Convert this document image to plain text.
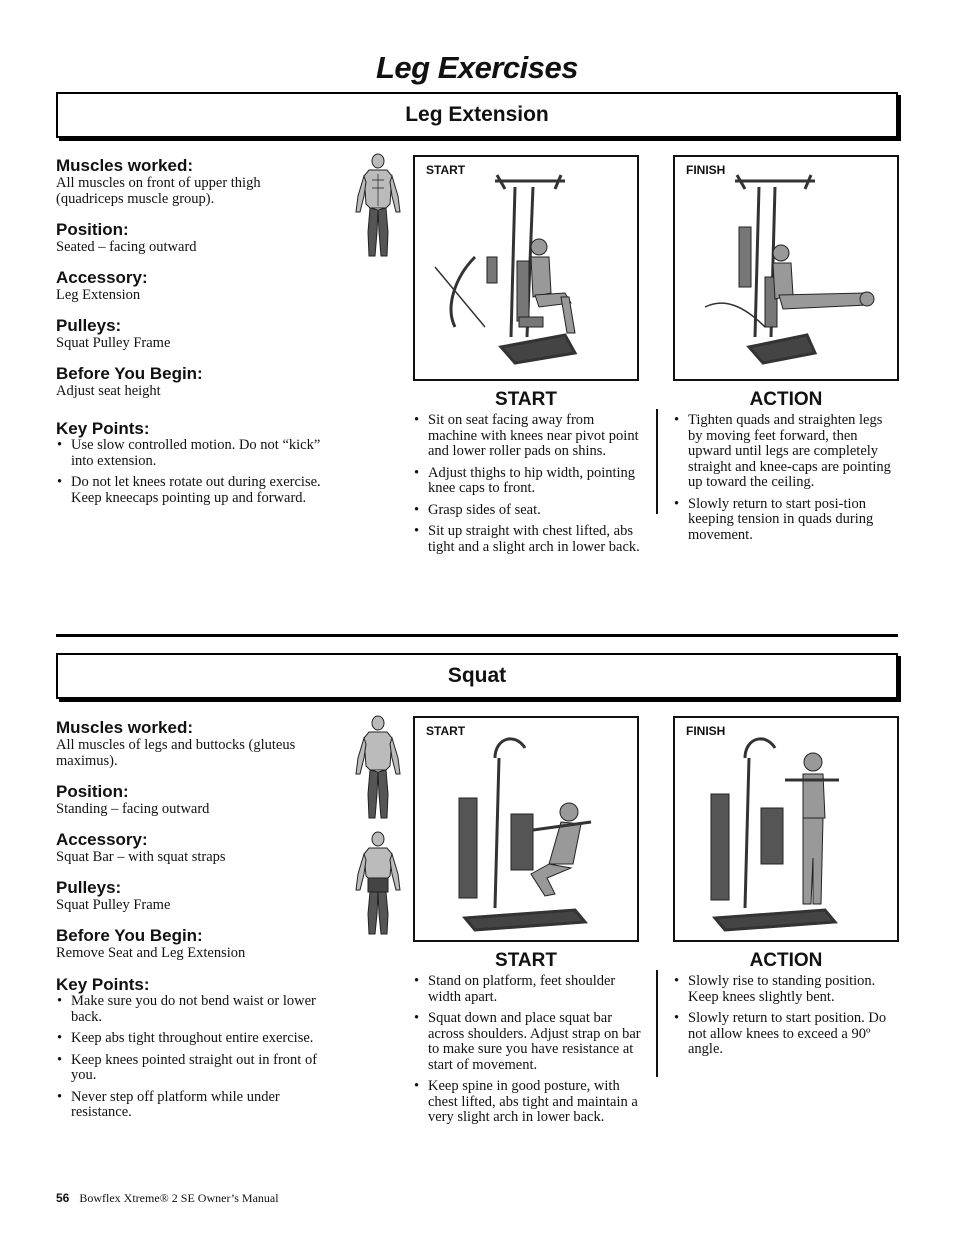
Leg Exercises
Leg Extension

Muscles worked:

All muscles on front of upper thigh (quadriceps muscle group).

Position:

Seated – facing outward

Accessory:

Leg Extension

Pulleys:

Squat Pulley Frame

Before You Begin:

Adjust seat height

Key Points:

• Use slow controlled motion. Do not “kick” into extension.
• Do not let knees rotate out during exercise. Keep kneecaps pointing up and forward.
START	FINISH
START	ACTION
• Sit on seat facing away from machine with knees near pivot point and lower roller pads on shins.
• Adjust thighs to hip width, pointing knee caps to front.
• Grasp sides of seat.
• Sit up straight with chest lifted, abs tight and a slight arch in lower back.
• Tighten quads and straighten legs by moving feet forward, then upward until legs are completely straight and knee-caps are pointing up toward the ceiling.
• Slowly return to start posi-tion keeping tension in quads during movement.
Squat

Muscles worked:

All muscles of legs and buttocks (gluteus maximus).

Position:

Standing – facing outward

Accessory:

Squat Bar – with squat straps

Pulleys:

Squat Pulley Frame

Before You Begin:

Remove Seat and Leg Extension

Key Points:

• Make sure you do not bend waist or lower back.
• Keep abs tight throughout entire exercise.
• Keep knees pointed straight out in front of you.
• Never step off platform while under resistance.
START	FINISH
START	ACTION
• Stand on platform, feet shoulder width apart.
• Squat down and place squat bar across shoulders. Adjust strap on bar to make sure you have resistance at start of movement.
• Keep spine in good posture, with chest lifted, abs tight and maintain a very slight arch in lower back.
• Slowly rise to standing position. Keep knees slightly bent.
• Slowly return to start position. Do not allow knees to exceed a 90º angle.
56 Bowflex Xtreme® 2 SE Owner’s Manual
